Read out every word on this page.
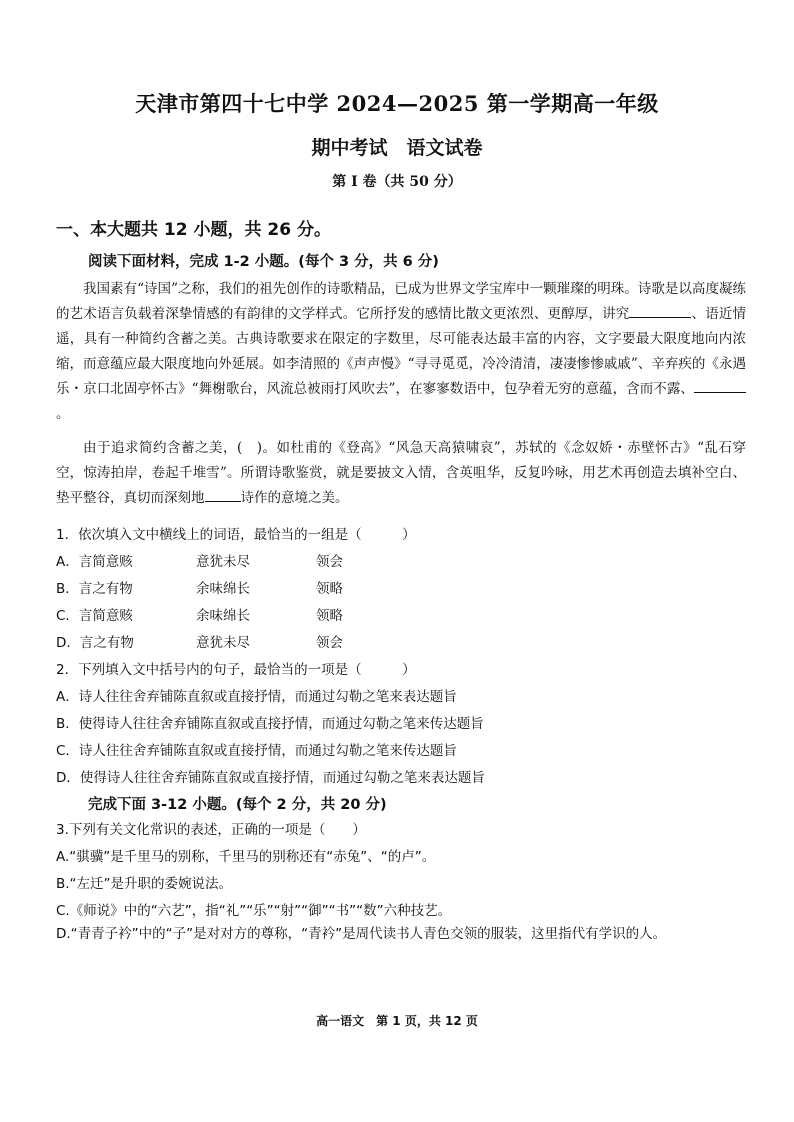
天津市第四十七中学 2024—2025 第一学期高一年级
期中考试　语文试卷
第 I 卷（共 50 分）
一、本大题共 12 小题，共 26 分。
阅读下面材料，完成 1-2 小题。(每个 3 分，共 6 分)
我国素有“诗国”之称，我们的祖先创作的诗歌精品，已成为世界文学宝库中一颗璀璨的明珠。诗歌是以高度凝练的艺术语言负载着深挚情感的有韵律的文学样式。它所抒发的感情比散文更浓烈、更醇厚，讲究	、语近情遥，具有一种简约含蓄之美。古典诗歌要求在限定的字数里，尽可能表达最丰富的内容，文字要最大限度地向内浓缩，而意蕴应最大限度地向外延展。如李清照的《声声慢》“寻寻觅觅，冷冷清清，凄凄惨惨戚戚”、辛弃疾的《永遇乐・京口北固亭怀古》“舞榭歌台，风流总被雨打风吹去”，在寥寥数语中，包孕着无穷的意蕴，含而不露、。
由于追求简约含蓄之美，(　)。如杜甫的《登高》“风急天高猿啸哀”，苏轼的《念奴娇・赤壁怀古》“乱石穿空，惊涛拍岸，卷起千堆雪”。所谓诗歌鉴赏，就是要披文入情，含英咀华，反复吟咏，用艺术再创造去填补空白、垫平整谷，真切而深刻地	诗作的意境之美。
1．依次填入文中横线上的词语，最恰当的一组是（　　　）
A．言简意赅	意犹未尽	领会
B．言之有物	余味绵长	领略
C．言简意赅	余味绵长	领略
D．言之有物	意犹未尽	领会
2．下列填入文中括号内的句子，最恰当的一项是（　　　）
A．诗人往往舍弃铺陈直叙或直接抒情，而通过勾勒之笔来表达题旨
B．使得诗人往往舍弃铺陈直叙或直接抒情，而通过勾勒之笔来传达题旨
C．诗人往往舍弃铺陈直叙或直接抒情，而通过勾勒之笔来传达题旨
D．使得诗人往往舍弃铺陈直叙或直接抒情，而通过勾勒之笔来表达题旨
完成下面 3-12 小题。(每个 2 分，共 20 分)
3.下列有关文化常识的表述，正确的一项是（　　）
A.“骐骥”是千里马的别称，千里马的别称还有“赤兔”、“的卢”。
B.“左迁”是升职的委婉说法。
C.《师说》中的“六艺”，指“礼”“乐”“射”“御”“书”“数”六种技艺。
D.“青青子衿”中的“子”是对对方的尊称，“青衿”是周代读书人青色交领的服装，这里指代有学识的人。
高一语文　第 1 页，共 12 页
